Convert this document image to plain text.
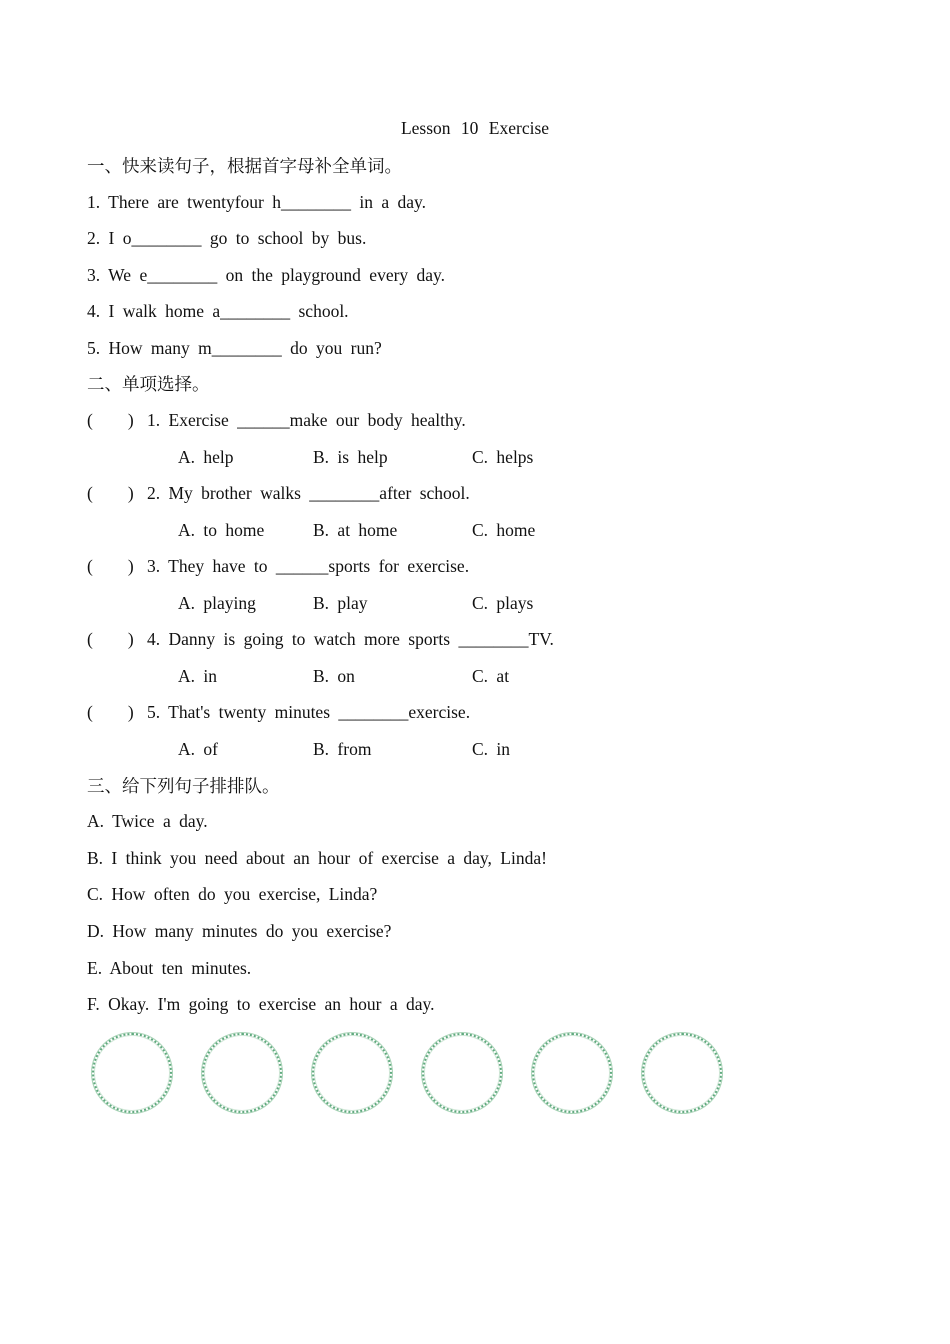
Lesson 10 Exercise
一、快来读句子，根据首字母补全单词。
1. There are twentyfour h________ in a day.
2. I o________ go to school by bus.
3. We e________ on the playground every day.
4. I walk home a________ school.
5. How many m________ do you run?
二、单项选择。
(        ) 1. Exercise ______make our body healthy.
A. help	B. is help	C. helps
(        ) 2. My brother walks ________after school.
A. to home	B. at home	C. home
(        ) 3. They have to ______sports for exercise.
A. playing	B. play	C. plays
(        ) 4. Danny is going to watch more sports ________TV.
A. in	B. on	C. at
(        ) 5. That's twenty minutes ________exercise.
A. of	B. from	C. in
三、给下列句子排排队。
A. Twice a day.
B. I think you need about an hour of exercise a day, Linda!
C. How often do you exercise, Linda?
D. How many minutes do you exercise?
E. About ten minutes.
F. Okay. I'm going to exercise an hour a day.
